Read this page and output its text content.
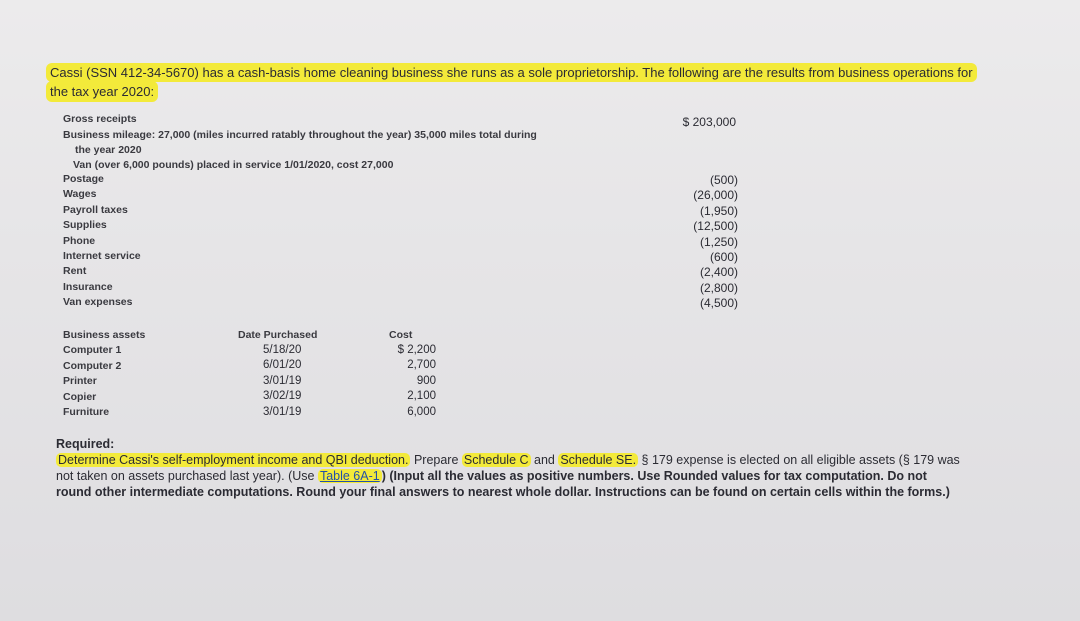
Cassi (SSN 412-34-5670) has a cash-basis home cleaning business she runs as a sole proprietorship. The following are the results from business operations for
the tax year 2020:
Gross receipts	$ 203,000
Business mileage: 27,000 (miles incurred ratably throughout the year) 35,000 miles total during
the year 2020
Van (over 6,000 pounds) placed in service 1/01/2020, cost 27,000
Postage
Wages
Payroll taxes
Supplies
Phone
Internet service
Rent
Insurance
Van expenses
(500)
(26,000)
(1,950)
(12,500)
(1,250)
(600)
(2,400)
(2,800)
(4,500)
Business assets
Computer 1
Computer 2
Printer
Copier
Furniture
Date Purchased
5/18/20
6/01/20
3/01/19
3/02/19
3/01/19
Cost
$ 2,200
2,700
900
2,100
6,000
Required:
Determine Cassi's self-employment income and QBI deduction. Prepare Schedule C and Schedule SE. § 179 expense is elected on all eligible assets (§ 179 was
not taken on assets purchased last year). (Use Table 6A-1 ) (Input all the values as positive numbers. Use Rounded values for tax computation. Do not
round other intermediate computations. Round your final answers to nearest whole dollar. Instructions can be found on certain cells within the forms.)
